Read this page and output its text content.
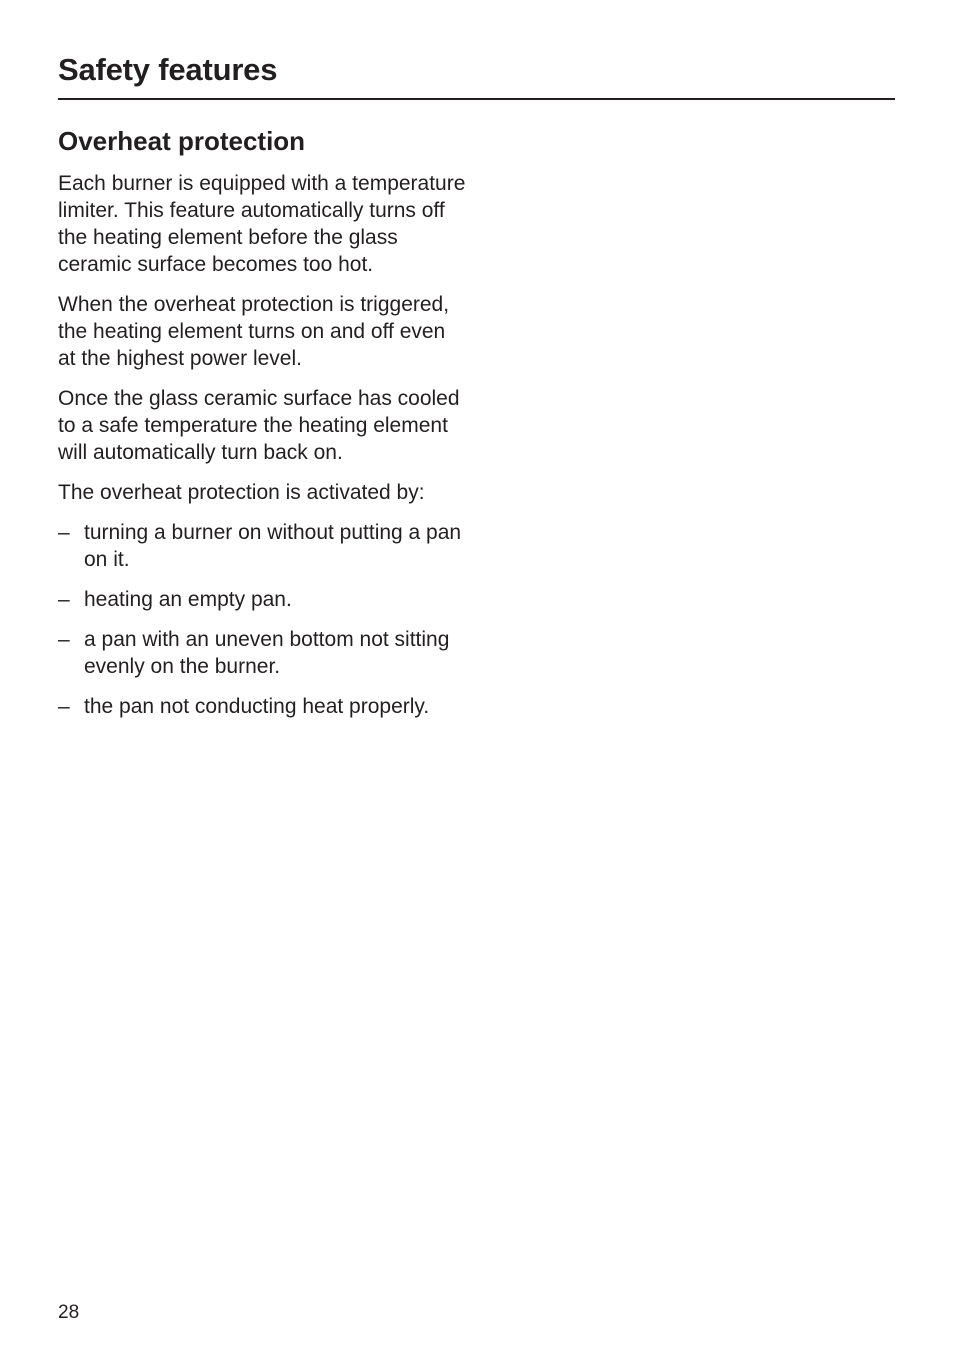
Safety features
Overheat protection

Each burner is equipped with a temperature limiter. This feature automatically turns off the heating element before the glass ceramic surface becomes too hot.

When the overheat protection is triggered, the heating element turns on and off even at the highest power level.

Once the glass ceramic surface has cooled to a safe temperature the heating element will automatically turn back on.

The overheat protection is activated by:

– turning a burner on without putting a pan on it.
– heating an empty pan.
– a pan with an uneven bottom not sitting evenly on the burner.
– the pan not conducting heat properly.
28
